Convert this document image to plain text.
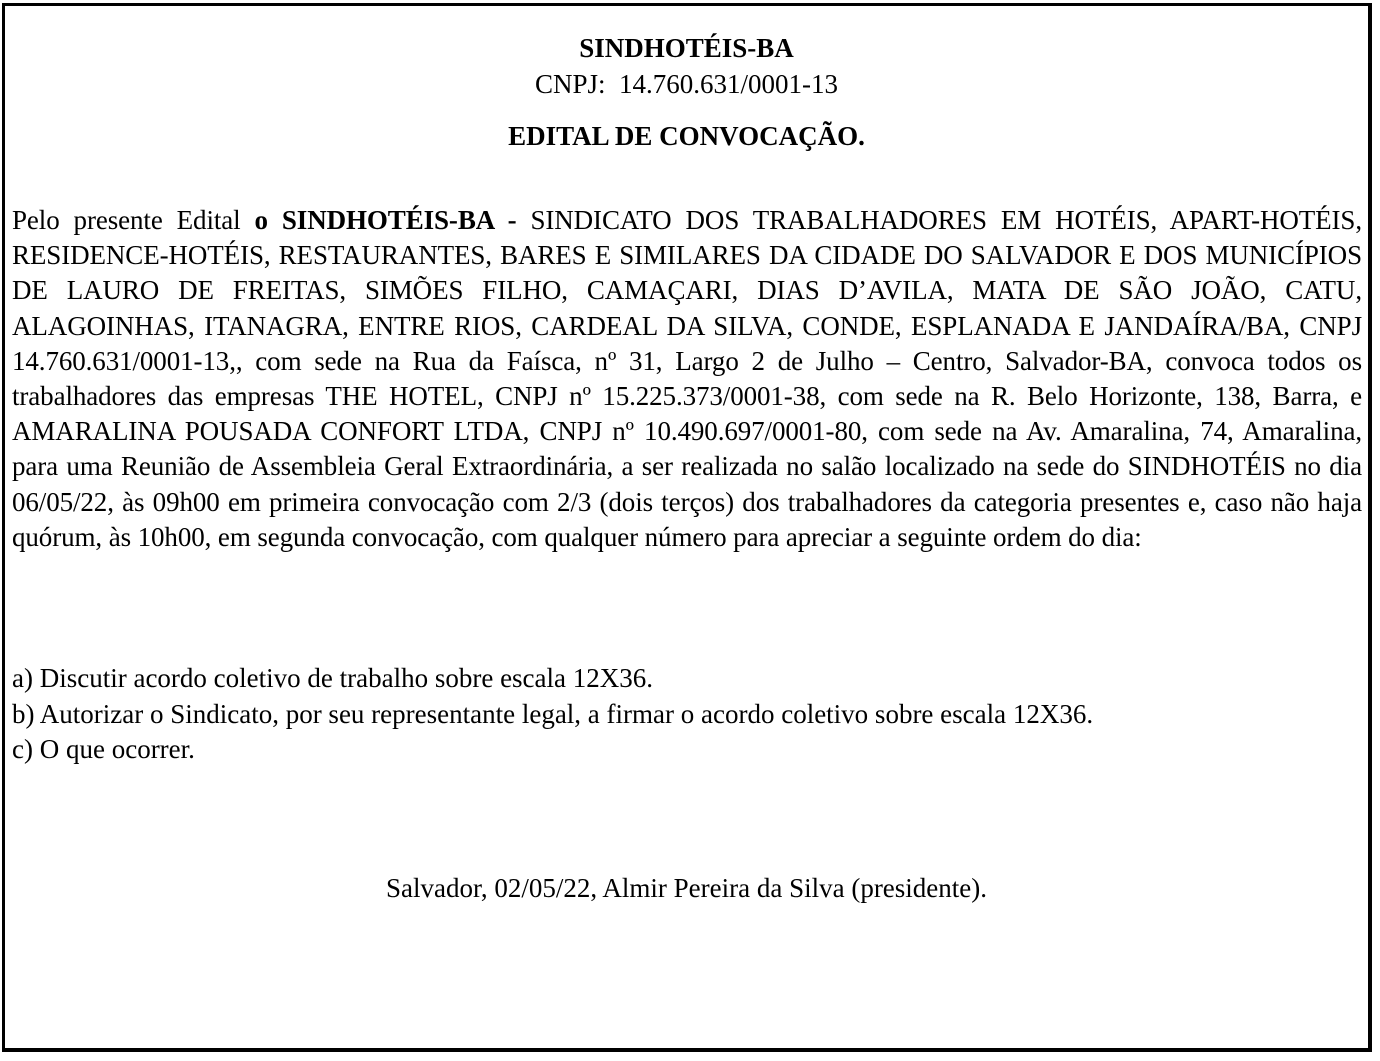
SINDHOTÉIS-BA
CNPJ:  14.760.631/0001-13
EDITAL DE CONVOCAÇÃO.
Pelo presente Edital o SINDHOTÉIS-BA - SINDICATO DOS TRABALHADORES EM HOTÉIS, APART-HOTÉIS, RESIDENCE-HOTÉIS, RESTAURANTES, BARES E SIMILARES DA CIDADE DO SALVADOR E DOS MUNICÍPIOS DE LAURO DE FREITAS, SIMÕES FILHO, CAMAÇARI, DIAS D’AVILA, MATA DE SÃO JOÃO, CATU, ALAGOINHAS, ITANAGRA, ENTRE RIOS, CARDEAL DA SILVA, CONDE, ESPLANADA E JANDAÍRA/BA, CNPJ 14.760.631/0001-13,, com sede na Rua da Faísca, nº 31, Largo 2 de Julho – Centro, Salvador-BA, convoca todos os trabalhadores das empresas THE HOTEL, CNPJ nº 15.225.373/0001-38, com sede na R. Belo Horizonte, 138, Barra, e AMARALINA POUSADA CONFORT LTDA, CNPJ nº 10.490.697/0001-80, com sede na Av. Amaralina, 74, Amaralina, para uma Reunião de Assembleia Geral Extraordinária, a ser realizada no salão localizado na sede do SINDHOTÉIS no dia 06/05/22, às 09h00 em primeira convocação com 2/3 (dois terços) dos trabalhadores da categoria presentes e, caso não haja quórum, às 10h00, em segunda convocação, com qualquer número para apreciar a seguinte ordem do dia:
a) Discutir acordo coletivo de trabalho sobre escala 12X36.
b) Autorizar o Sindicato, por seu representante legal, a firmar o acordo coletivo sobre escala 12X36.
c) O que ocorrer.
Salvador, 02/05/22, Almir Pereira da Silva (presidente).
